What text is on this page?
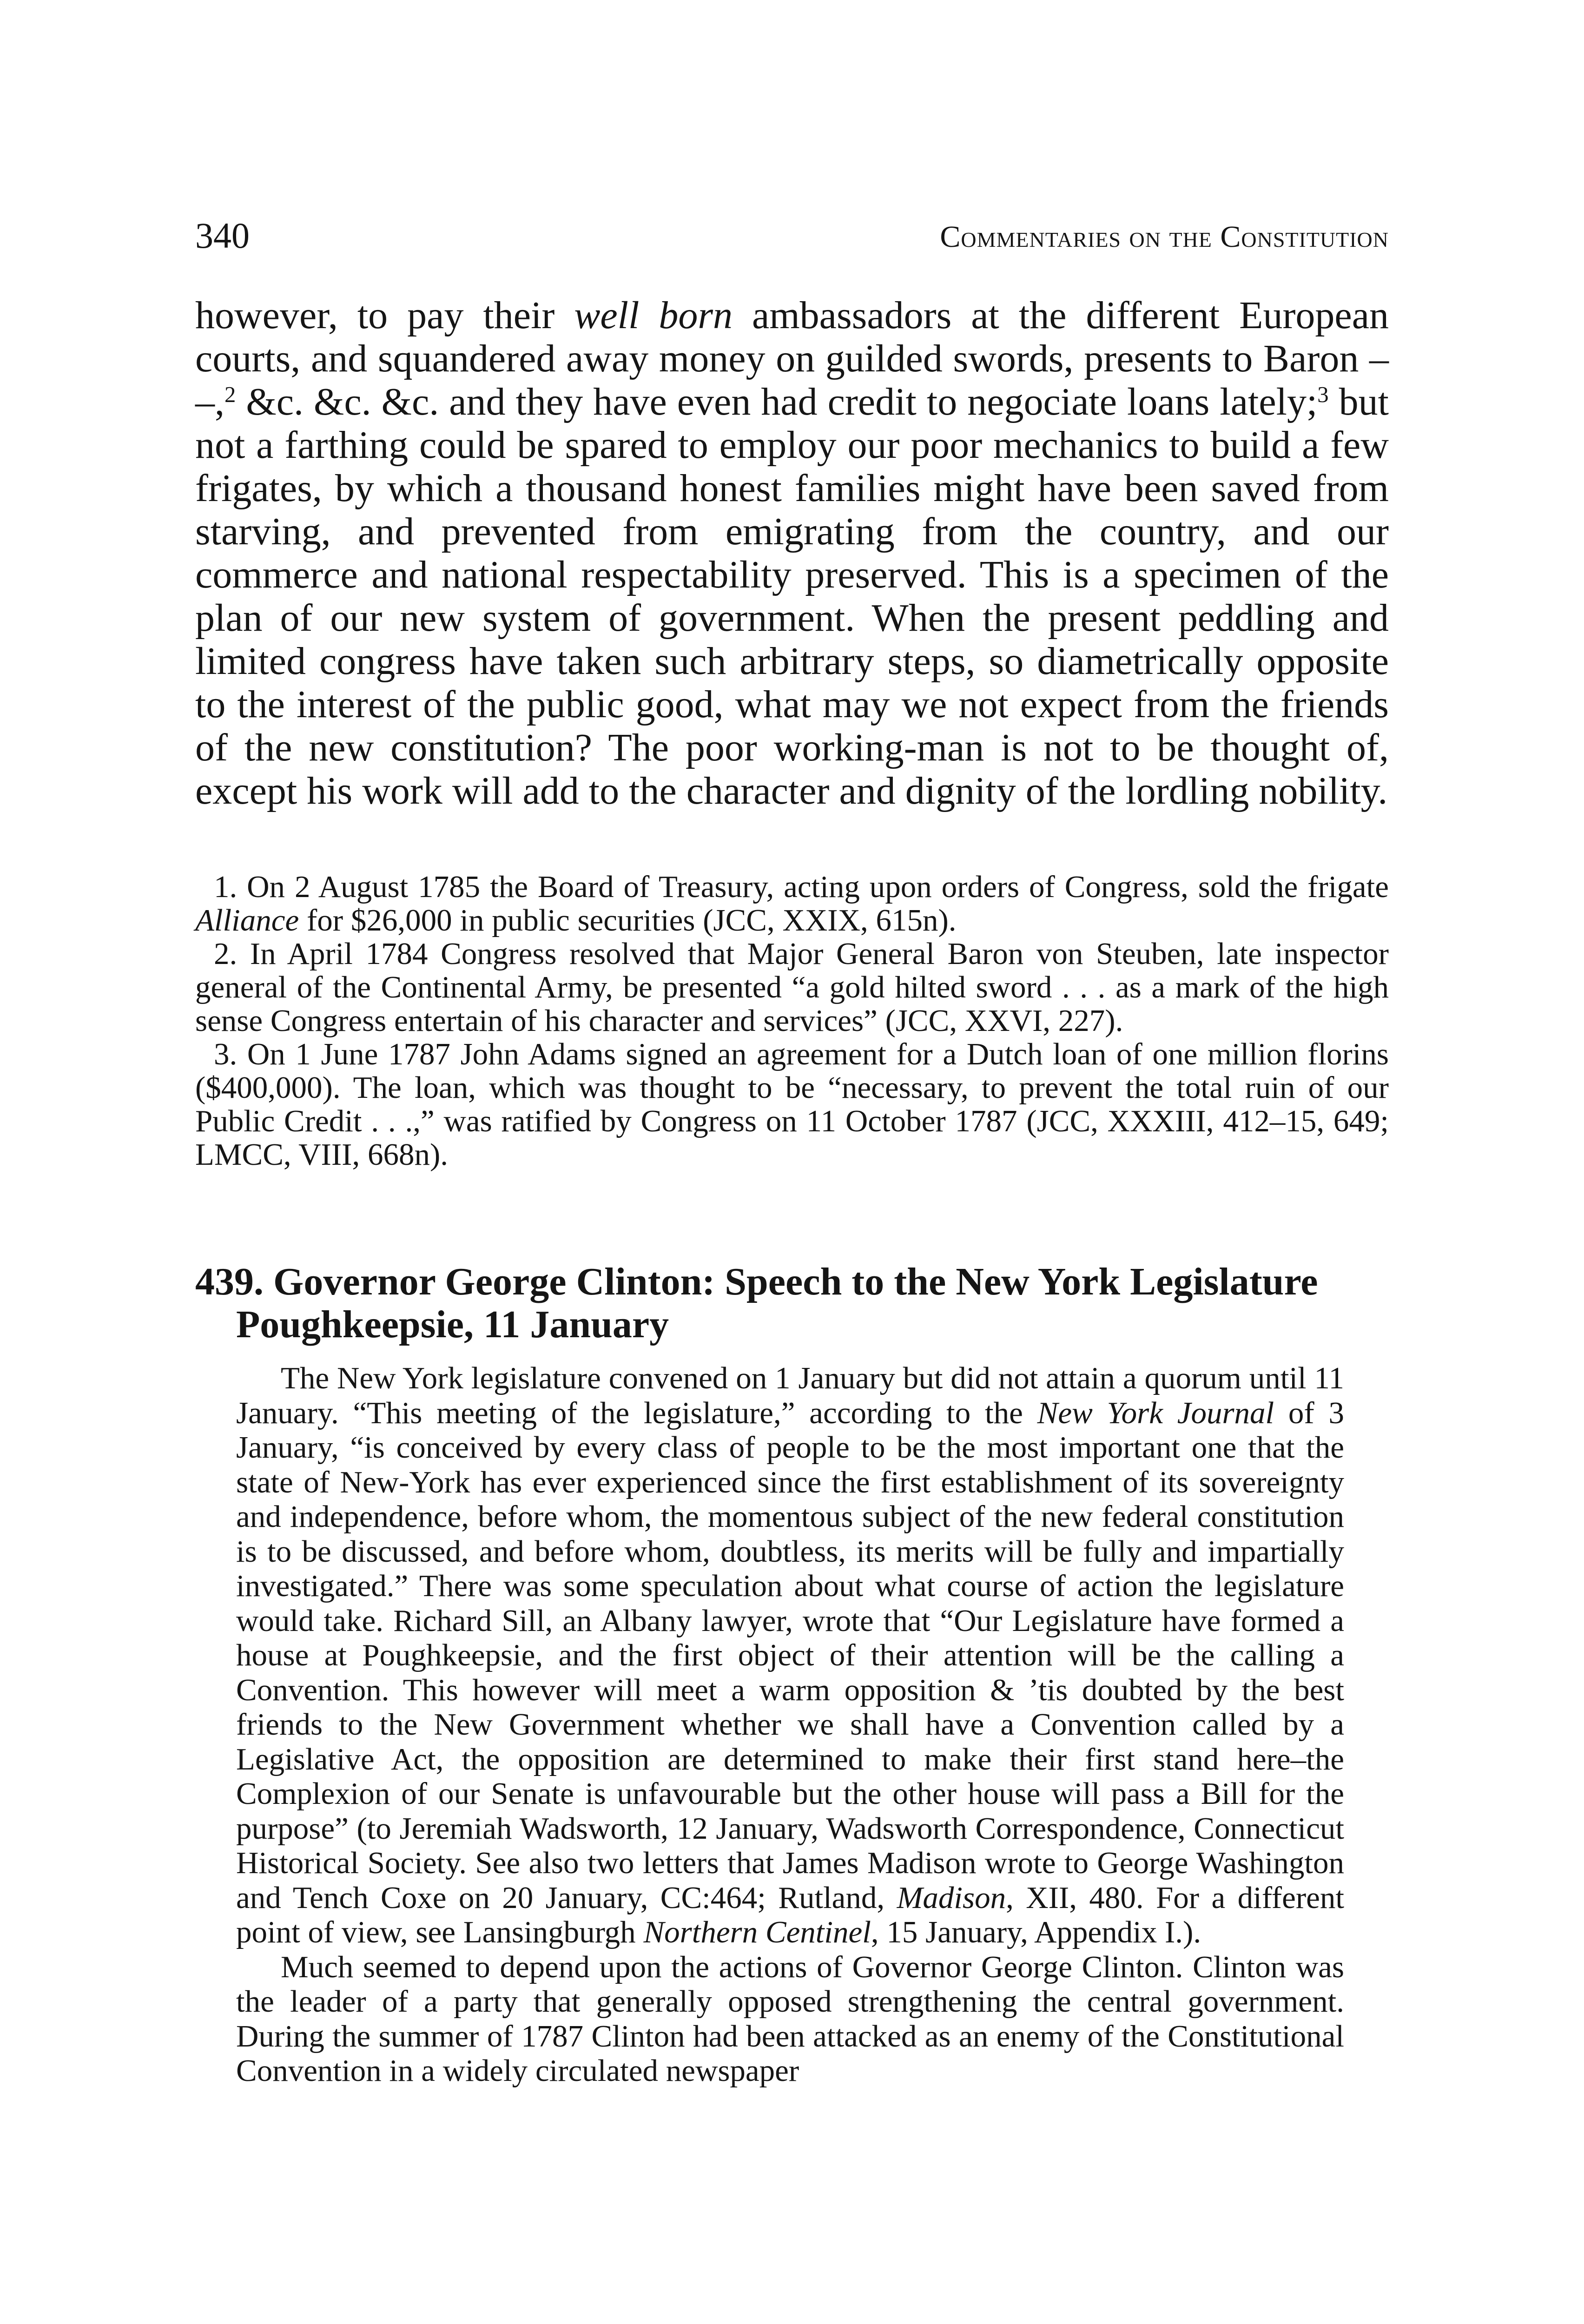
340	Commentaries on the Constitution

however, to pay their well born ambassadors at the different European courts, and squandered away money on guilded swords, presents to Baron – –,$^2$ &c. &c. &c. and they have even had credit to negociate loans lately;$^3$ but not a farthing could be spared to employ our poor mechanics to build a few frigates, by which a thousand honest families might have been saved from starving, and prevented from emigrating from the country, and our commerce and national respectability preserved. This is a specimen of the plan of our new system of government. When the present peddling and limited congress have taken such arbitrary steps, so diametrically opposite to the interest of the public good, what may we not expect from the friends of the new constitution? The poor working-man is not to be thought of, except his work will add to the character and dignity of the lordling nobility.

1. On 2 August 1785 the Board of Treasury, acting upon orders of Congress, sold the frigate Alliance for $26,000 in public securities (JCC, XXIX, 615n).

2. In April 1784 Congress resolved that Major General Baron von Steuben, late inspector general of the Continental Army, be presented “a gold hilted sword . . . as a mark of the high sense Congress entertain of his character and services” (JCC, XXVI, 227).

3. On 1 June 1787 John Adams signed an agreement for a Dutch loan of one million florins ($400,000). The loan, which was thought to be “necessary, to prevent the total ruin of our Public Credit . . .,” was ratified by Congress on 11 October 1787 (JCC, XXXIII, 412–15, 649; LMCC, VIII, 668n).

439. Governor George Clinton: Speech to the New York Legislature
Poughkeepsie, 11 January

The New York legislature convened on 1 January but did not attain a quorum until 11 January. “This meeting of the legislature,” according to the New York Journal of 3 January, “is conceived by every class of people to be the most important one that the state of New-York has ever experienced since the first establishment of its sovereignty and independence, before whom, the momentous subject of the new federal constitution is to be discussed, and before whom, doubtless, its merits will be fully and impartially investigated.” There was some speculation about what course of action the legislature would take. Richard Sill, an Albany lawyer, wrote that “Our Legislature have formed a house at Poughkeepsie, and the first object of their attention will be the calling a Convention. This however will meet a warm opposition & ’tis doubted by the best friends to the New Government whether we shall have a Convention called by a Legislative Act, the opposition are determined to make their first stand here–the Complexion of our Senate is unfavourable but the other house will pass a Bill for the purpose” (to Jeremiah Wadsworth, 12 January, Wadsworth Correspondence, Connecticut Historical Society. See also two letters that James Madison wrote to George Washington and Tench Coxe on 20 January, CC:464; Rutland, Madison, XII, 480. For a different point of view, see Lansingburgh Northern Centinel, 15 January, Appendix I.).

Much seemed to depend upon the actions of Governor George Clinton. Clinton was the leader of a party that generally opposed strengthening the central government. During the summer of 1787 Clinton had been attacked as an enemy of the Constitutional Convention in a widely circulated newspaper
